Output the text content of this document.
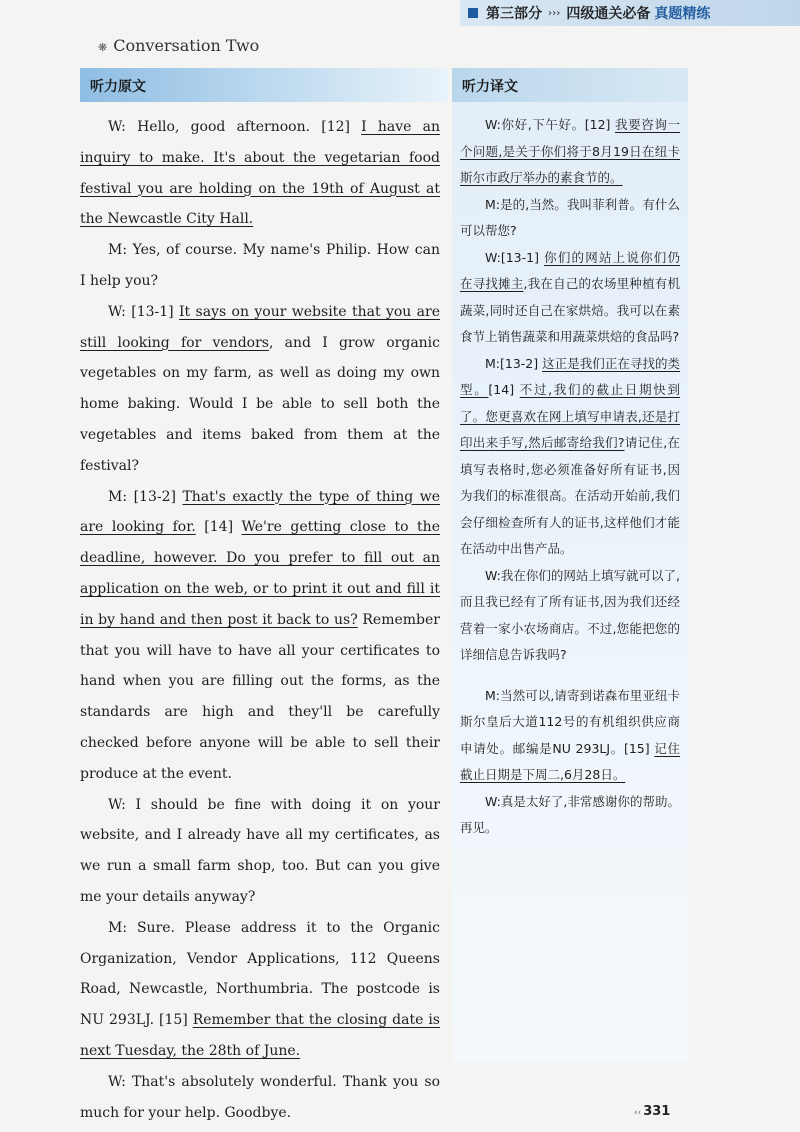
第三部分 ››› 四级通关必备 真题精练
❋ Conversation Two
听力原文	听力译文

W: Hello, good afternoon. [12] I have an inquiry to make. It's about the vegetarian food festival you are holding on the 19th of August at the Newcastle City Hall.

M: Yes, of course. My name's Philip. How can I help you?

W: [13-1] It says on your website that you are still looking for vendors, and I grow organic vegetables on my farm, as well as doing my own home baking. Would I be able to sell both the vegetables and items baked from them at the festival?

M: [13-2] That's exactly the type of thing we are looking for. [14] We're getting close to the deadline, however. Do you prefer to fill out an application on the web, or to print it out and fill it in by hand and then post it back to us? Remember that you will have to have all your certificates to hand when you are filling out the forms, as the standards are high and they'll be carefully checked before anyone will be able to sell their produce at the event.

W: I should be fine with doing it on your website, and I already have all my certificates, as we run a small farm shop, too. But can you give me your details anyway?

M: Sure. Please address it to the Organic Organization, Vendor Applications, 112 Queens Road, Newcastle, Northumbria. The postcode is NU 293LJ. [15] Remember that the closing date is next Tuesday, the 28th of June.

W: That's absolutely wonderful. Thank you so much for your help. Goodbye.

W:你好,下午好。[12] 我要咨询一个问题,是关于你们将于8月19日在纽卡斯尔市政厅举办的素食节的。

M:是的,当然。我叫菲利普。有什么可以帮您?

W:[13-1] 你们的网站上说你们仍在寻找摊主,我在自己的农场里种植有机蔬菜,同时还自己在家烘焙。我可以在素食节上销售蔬菜和用蔬菜烘焙的食品吗?

M:[13-2] 这正是我们正在寻找的类型。[14] 不过,我们的截止日期快到了。您更喜欢在网上填写申请表,还是打印出来手写,然后邮寄给我们?请记住,在填写表格时,您必须准备好所有证书,因为我们的标准很高。在活动开始前,我们会仔细检查所有人的证书,这样他们才能在活动中出售产品。

W:我在你们的网站上填写就可以了,而且我已经有了所有证书,因为我们还经营着一家小农场商店。不过,您能把您的详细信息告诉我吗?

M:当然可以,请寄到诺森布里亚纽卡斯尔皇后大道112号的有机组织供应商申请处。邮编是NU 293LJ。[15] 记住截止日期是下周二,6月28日。

W:真是太好了,非常感谢你的帮助。再见。

‹‹ 331
